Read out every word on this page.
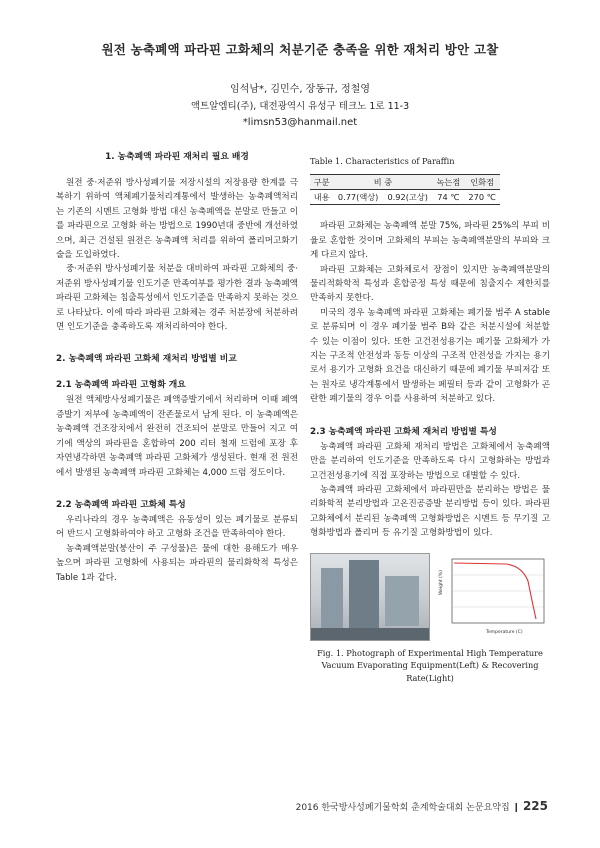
원전 농축폐액 파라핀 고화체의 처분기준 충족을 위한 재처리 방안 고찰
임석남*, 김민수, 장동규, 정철영
액트알엠티(주), 대전광역시 유성구 테크노 1로 11-3
*limsn53@hanmail.net
1. 농축폐액 파라핀 재처리 필요 배경

원전 중·저준위 방사성폐기물 저장시설의 저장용량 한계를 극복하기 위하여 액체폐기물처리계통에서 발생하는 농축폐액처리는 기존의 시멘트 고형화 방법 대신 농축폐액을 분말로 만들고 이를 파라핀으로 고형화 하는 방법으로 1990년대 중반에 개선하였으며, 최근 건설된 원전은 농축폐액 처리를 위하여 폴리머고화기술을 도입하였다.

중·저준위 방사성폐기물 처분을 대비하여 파라핀 고화체의 중·저준위 방사성폐기물 인도기준 만족여부를 평가한 결과 농축폐액 파라핀 고화체는 침출특성에서 인도기준을 만족하지 못하는 것으로 나타났다. 이에 따라 파라핀 고화체는 경주 처분장에 처분하려면 인도기준을 충족하도록 재처리하여야 한다.

2. 농축폐액 파라핀 고화체 재처리 방법별 비교
2.1 농축폐액 파라핀 고형화 개요

원전 액체방사성폐기물은 폐액증발기에서 처리하며 이때 폐액증발기 저부에 농축폐액이 잔존물로서 남게 된다. 이 농축폐액은 농축폐액 건조장치에서 완전히 건조되어 분말로 만들어 지고 여기에 액상의 파라핀을 혼합하여 200 리터 철재 드럼에 포장 후 자연냉각하면 농축폐액 파라핀 고화체가 생성된다. 현재 전 원전에서 발생된 농축폐액 파라핀 고화체는 4,000 드럼 정도이다.

2.2 농축폐액 파라핀 고화체 특성

우리나라의 경우 농축폐액은 유동성이 있는 폐기물로 분류되어 반드시 고형화하여야 하고 고형화 조건을 만족하여야 한다.

농축폐액분말(붕산이 주 구성물)은 물에 대한 용해도가 매우 높으며 파라핀 고형화에 사용되는 파라핀의 물리화학적 특성은 Table 1과 같다.

Table 1. Characteristics of Paraffin
구분	비 중		녹는점	인화점
내용	0.77(액상)	0.92(고상)	74 ℃	270 ℃

파라핀 고화체는 농축폐액 분말 75%, 파라핀 25%의 부피 비율로 혼합한 것이며 고화체의 부피는 농축폐액분말의 부피와 크게 다르지 않다.

파라핀 고화체는 고화체로서 장점이 있지만 농축폐액분말의 물리적화학적 특성과 혼합공정 특성 때문에 침출지수 제한치를 만족하지 못한다.

미국의 경우 농축폐액 파라핀 고화체는 폐기물 범주 A stable로 분류되며 이 경우 폐기물 범주 B와 같은 처분시설에 처분할 수 있는 이점이 있다. 또한 고건전성용기는 폐기물 고화체가 가지는 구조적 안전성과 동등 이상의 구조적 안전성을 가지는 용기로서 용기가 고형화 요건을 대신하기 때문에 폐기물 부피저감 또는 원자로 냉각계통에서 발생하는 페필터 등과 같이 고형화가 곤란한 폐기물의 경우 이를 사용하여 처분하고 있다.

2.3 농축폐액 파라핀 고화체 재처리 방법별 특성

농축폐액 파라핀 고화체 재처리 방법은 고화체에서 농축폐액만을 분리하여 인도기준을 만족하도록 다시 고형화하는 방법과 고건전성용기에 직접 포장하는 방법으로 대별할 수 있다.

농축폐액 파라핀 고화체에서 파라핀만을 분리하는 방법은 물리화학적 분리방법과 고온진공증발 분리방법 등이 있다. 파라핀 고화체에서 분리된 농축폐액 고형화방법은 시멘트 등 무기질 고형화방법과 폴리머 등 유기질 고형화방법이 있다.

Weight (%)
Temperature (C)
Fig. 1. Photograph of Experimental High Temperature
Vacuum Evaporating Equipment(Left) & Recovering
Rate(Light)
2016 한국방사성폐기물학회 춘계학술대회 논문요약집 ❙ 225
